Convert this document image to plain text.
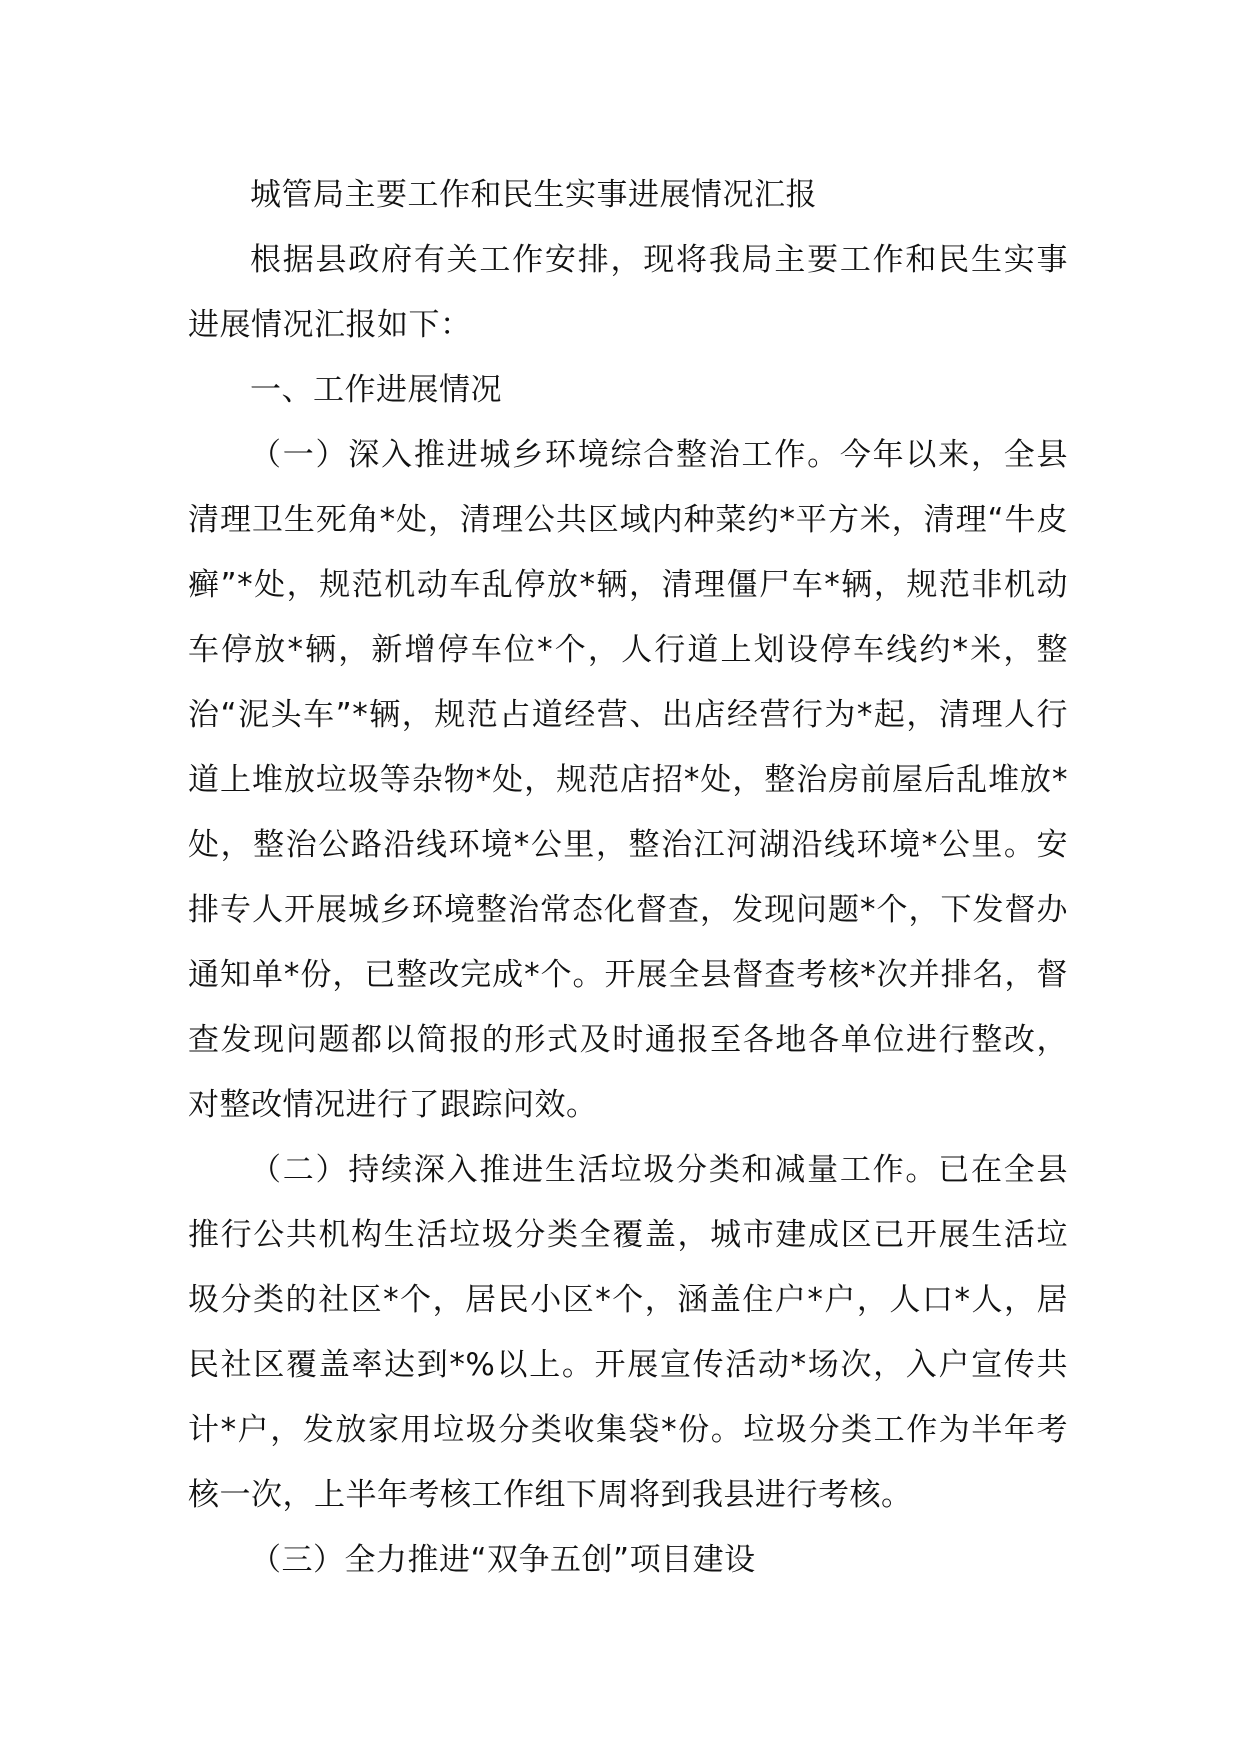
城管局主要工作和民生实事进展情况汇报

根据县政府有关工作安排，现将我局主要工作和民生实事进展情况汇报如下：

一、工作进展情况

（一）深入推进城乡环境综合整治工作。今年以来，全县清理卫生死角*处，清理公共区域内种菜约*平方米，清理“牛皮癣”*处，规范机动车乱停放*辆，清理僵尸车*辆，规范非机动车停放*辆，新增停车位*个，人行道上划设停车线约*米，整治“泥头车”*辆，规范占道经营、出店经营行为*起，清理人行道上堆放垃圾等杂物*处，规范店招*处，整治房前屋后乱堆放*处，整治公路沿线环境*公里，整治江河湖沿线环境*公里。安排专人开展城乡环境整治常态化督查，发现问题*个，下发督办通知单*份，已整改完成*个。开展全县督查考核*次并排名，督查发现问题都以简报的形式及时通报至各地各单位进行整改，对整改情况进行了跟踪问效。

（二）持续深入推进生活垃圾分类和减量工作。已在全县推行公共机构生活垃圾分类全覆盖，城市建成区已开展生活垃圾分类的社区*个，居民小区*个，涵盖住户*户，人口*人，居民社区覆盖率达到*%以上。开展宣传活动*场次，入户宣传共计*户，发放家用垃圾分类收集袋*份。垃圾分类工作为半年考核一次，上半年考核工作组下周将到我县进行考核。

（三）全力推进“双争五创”项目建设
